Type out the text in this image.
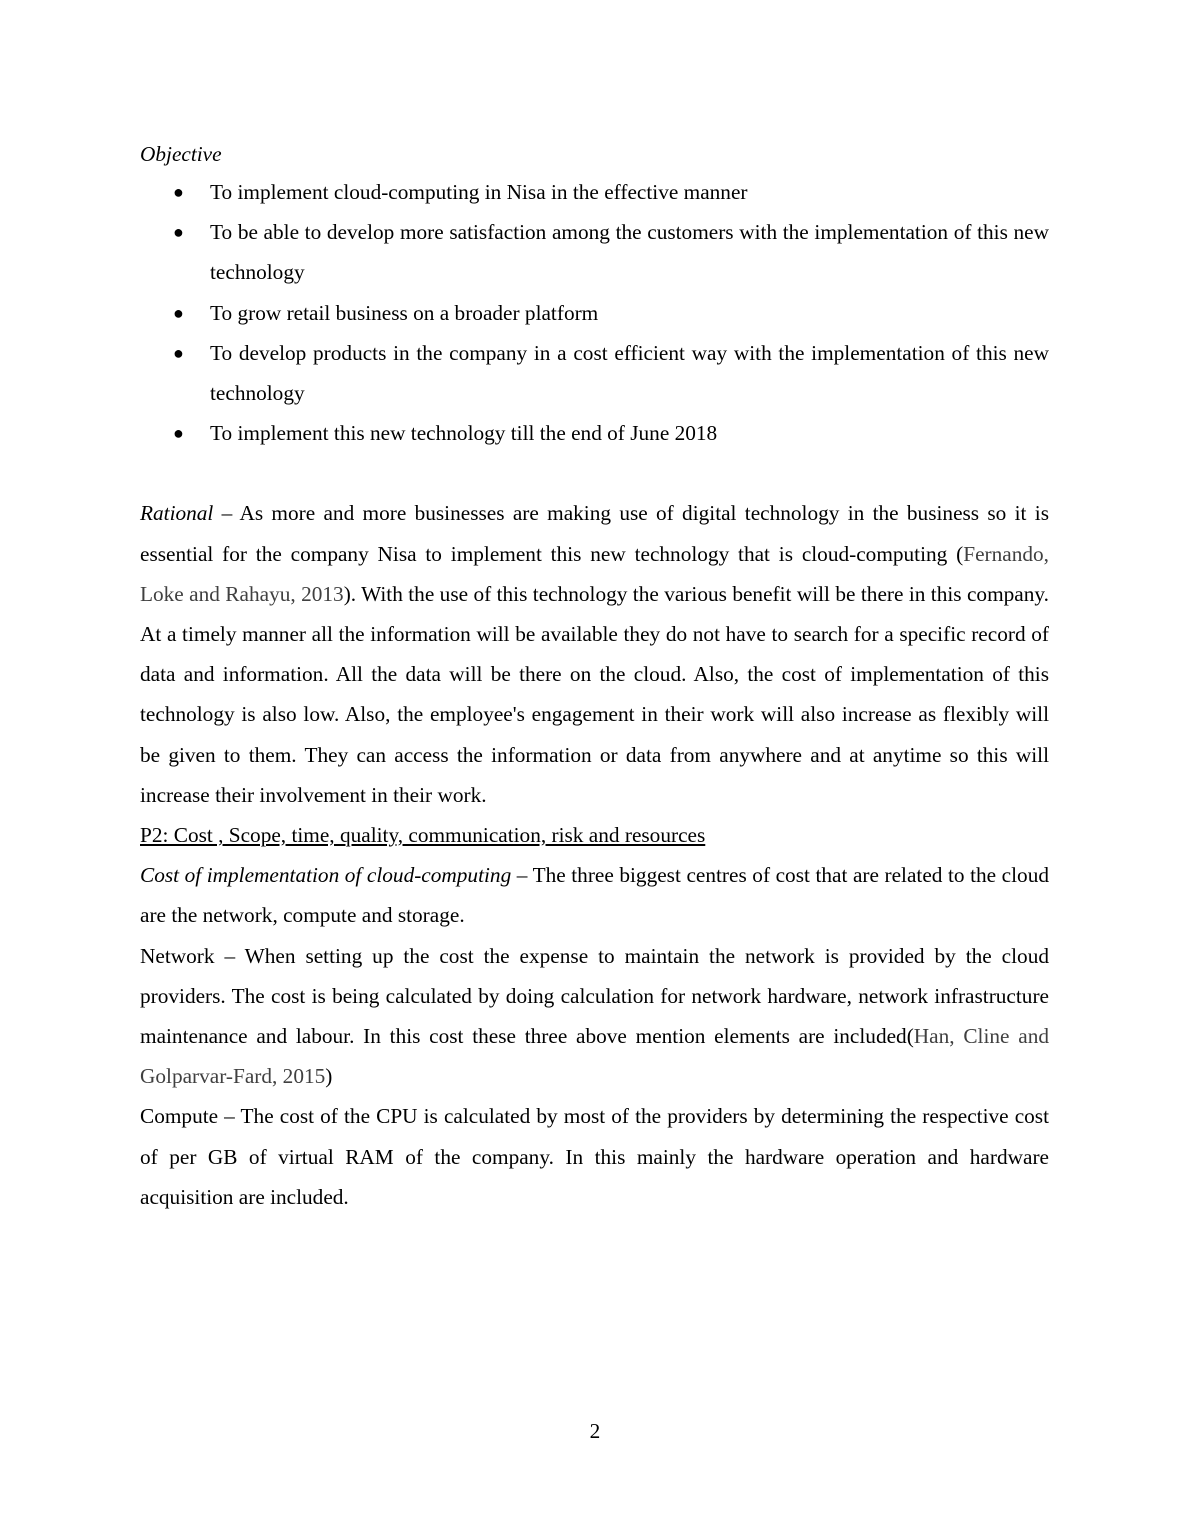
Objective

● To implement cloud-computing in Nisa in the effective manner
● To be able to develop more satisfaction among the customers with the implementation of this new technology
● To grow retail business on a broader platform
● To develop products in the company in a cost efficient way with the implementation of this new technology
● To implement this new technology till the end of June 2018

Rational – As more and more businesses are making use of digital technology in the business so it is essential for the company Nisa to implement this new technology that is cloud-computing (Fernando, Loke and Rahayu, 2013). With the use of this technology the various benefit will be there in this company. At a timely manner all the information will be available they do not have to search for a specific record of data and information. All the data will be there on the cloud. Also, the cost of implementation of this technology is also low. Also, the employee's engagement in their work will also increase as flexibly will be given to them. They can access the information or data from anywhere and at anytime so this will increase their involvement in their work.

P2: Cost , Scope, time, quality, communication, risk and resources

Cost of implementation of cloud-computing – The three biggest centres of cost that are related to the cloud are the network, compute and storage.

Network – When setting up the cost the expense to maintain the network is provided by the cloud providers. The cost is being calculated by doing calculation for network hardware, network infrastructure maintenance and labour. In this cost these three above mention elements are included(Han, Cline and Golparvar-Fard, 2015)

Compute – The cost of the CPU is calculated by most of the providers by determining the respective cost of per GB of virtual RAM of the company. In this mainly the hardware operation and hardware acquisition are included.

2
